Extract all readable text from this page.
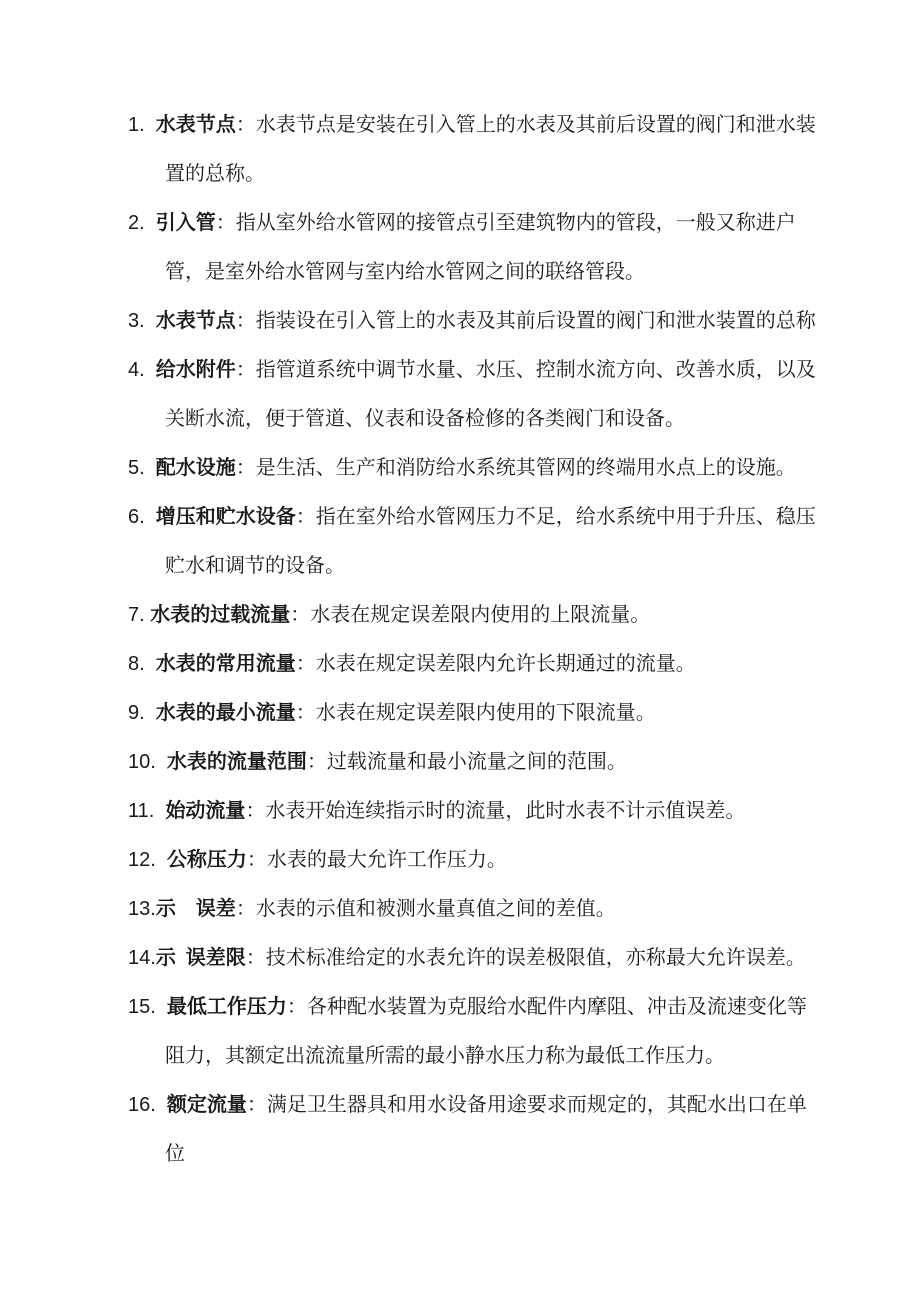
1.  水表节点：水表节点是安装在引入管上的水表及其前后设置的阀门和泄水装置的总称。

2.  引入管：指从室外给水管网的接管点引至建筑物内的管段，一般又称进户管，是室外给水管网与室内给水管网之间的联络管段。

3.  水表节点：指装设在引入管上的水表及其前后设置的阀门和泄水装置的总称

4.  给水附件：指管道系统中调节水量、水压、控制水流方向、改善水质，以及关断水流，便于管道、仪表和设备检修的各类阀门和设备。

5.  配水设施：是生活、生产和消防给水系统其管网的终端用水点上的设施。

6.  增压和贮水设备：指在室外给水管网压力不足，给水系统中用于升压、稳压贮水和调节的设备。

7. 水表的过载流量：水表在规定误差限内使用的上限流量。

8.  水表的常用流量：水表在规定误差限内允许长期通过的流量。

9.  水表的最小流量：水表在规定误差限内使用的下限流量。

10.  水表的流量范围：过载流量和最小流量之间的范围。

11.  始动流量：水表开始连续指示时的流量，此时水表不计示值误差。

12.  公称压力：水表的最大允许工作压力。

13.示  误差：水表的示值和被测水量真值之间的差值。

14.示 误差限：技术标准给定的水表允许的误差极限值，亦称最大允许误差。

15.  最低工作压力：各种配水装置为克服给水配件内摩阻、冲击及流速变化等阻力，其额定出流流量所需的最小静水压力称为最低工作压力。

16.  额定流量：满足卫生器具和用水设备用途要求而规定的，其配水出口在单位
